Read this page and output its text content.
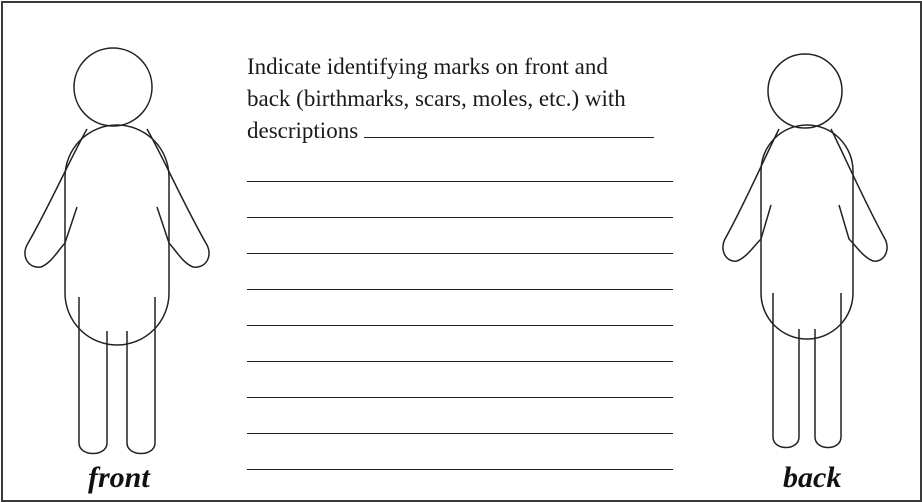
front
Indicate identifying marks on front and
back (birthmarks, scars, moles, etc.) with
descriptions
back
